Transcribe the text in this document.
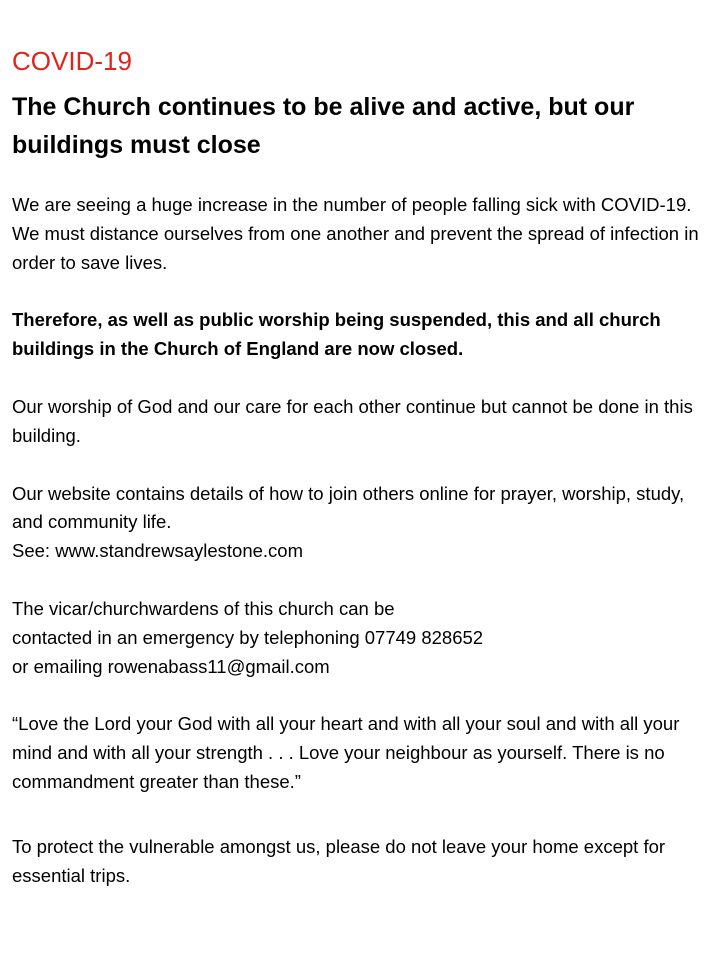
COVID-19
The Church continues to be alive and active, but our buildings must close

We are seeing a huge increase in the number of people falling sick with COVID-19. We must distance ourselves from one another and prevent the spread of infection in order to save lives.

Therefore, as well as public worship being suspended, this and all church buildings in the Church of England are now closed.

Our worship of God and our care for each other continue but cannot be done in this building.

Our website contains details of how to join others online for prayer, worship, study, and community life.
See: www.standrewsaylestone.com

The vicar/churchwardens of this church can be
contacted in an emergency by telephoning 07749 828652
or emailing rowenabass11@gmail.com

“Love the Lord your God with all your heart and with all your soul and with all your mind and with all your strength . . . Love your neighbour as yourself. There is no commandment greater than these.”

To protect the vulnerable amongst us, please do not leave your home except for essential trips.
